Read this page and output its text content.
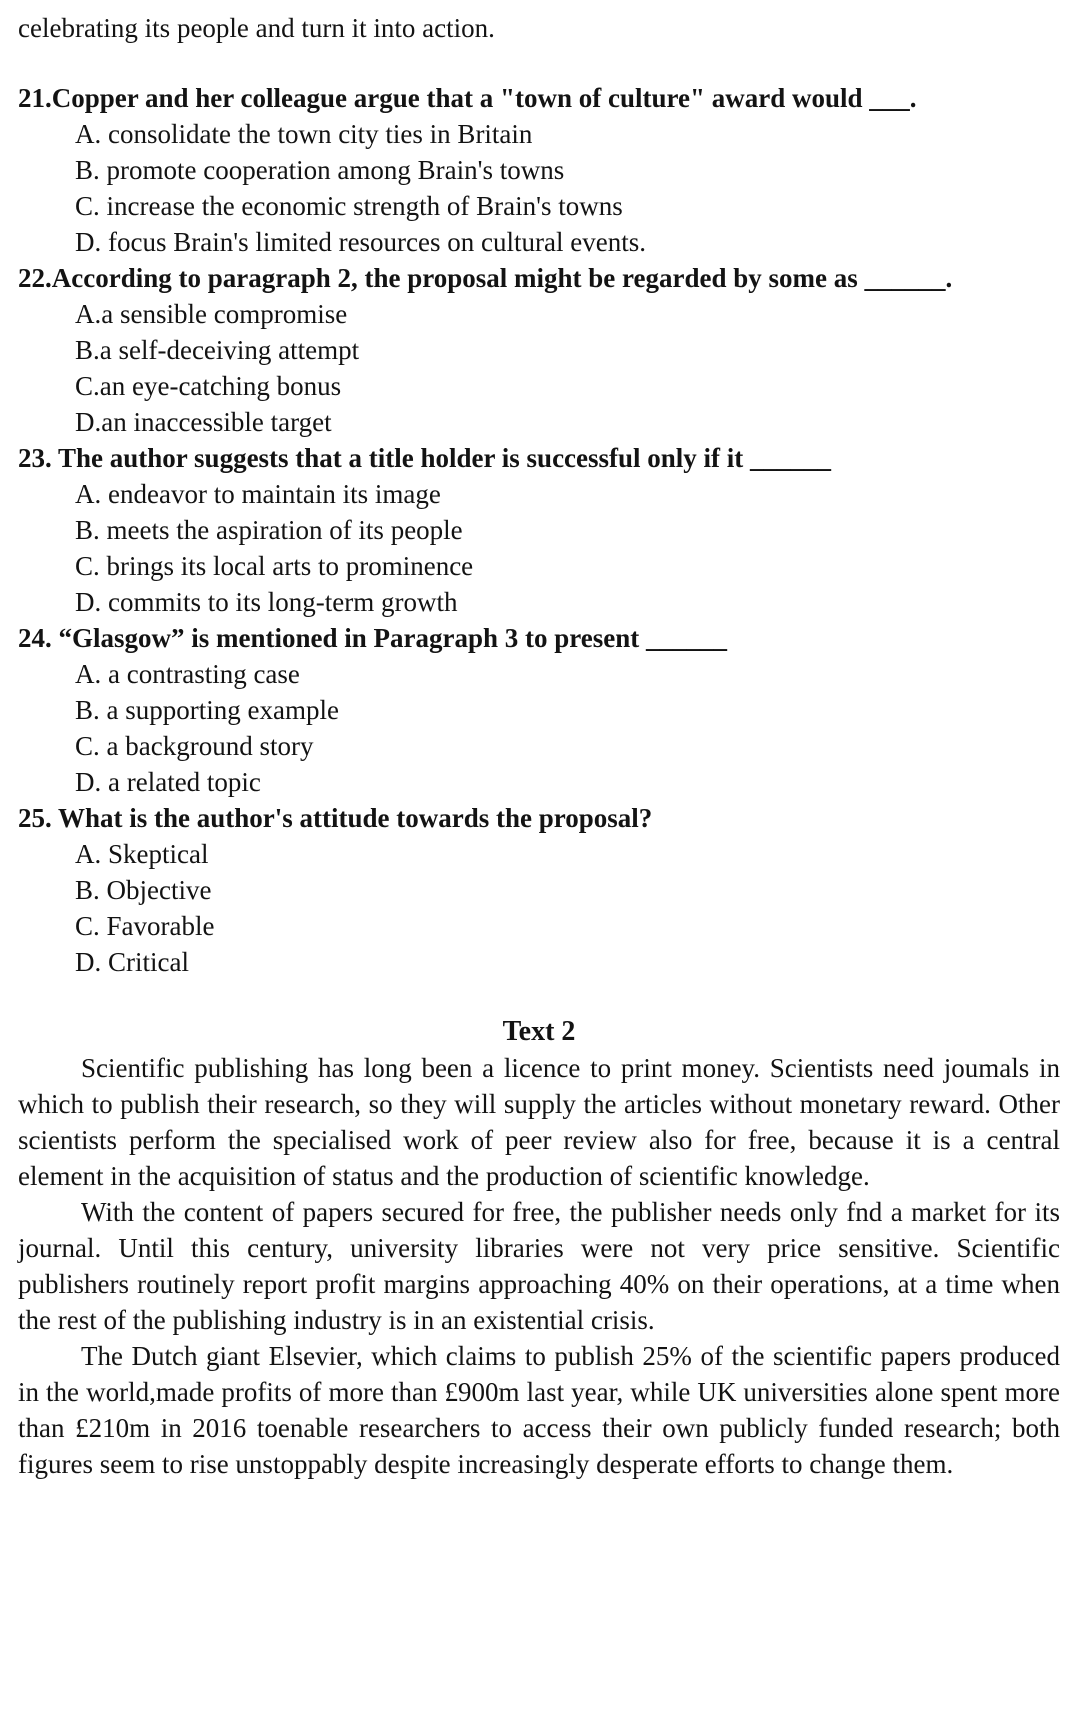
celebrating its people and turn it into action.

21.Copper and her colleague argue that a "town of culture" award would ___.

A. consolidate the town city ties in Britain

B. promote cooperation among Brain's towns

C. increase the economic strength of Brain's towns

D. focus Brain's limited resources on cultural events.

22.According to paragraph 2, the proposal might be regarded by some as ______.

A.a sensible compromise

B.a self-deceiving attempt

C.an eye-catching bonus

D.an inaccessible target

23. The author suggests that a title holder is successful only if it ______

A. endeavor to maintain its image

B. meets the aspiration of its people

C. brings its local arts to prominence

D. commits to its long-term growth

24. “Glasgow” is mentioned in Paragraph 3 to present ______

A. a contrasting case

B. a supporting example

C. a background story

D. a related topic

25. What is the author's attitude towards the proposal?

A. Skeptical

B. Objective

C. Favorable

D. Critical

Text 2

Scientific publishing has long been a licence to print money. Scientists need joumals in which to publish their research, so they will supply the articles without monetary reward. Other scientists perform the specialised work of peer review also for free, because it is a central element in the acquisition of status and the production of scientific knowledge.

With the content of papers secured for free, the publisher needs only fnd a market for its journal. Until this century, university libraries were not very price sensitive. Scientific publishers routinely report profit margins approaching 40% on their operations, at a time when the rest of the publishing industry is in an existential crisis.

The Dutch giant Elsevier, which claims to publish 25% of the scientific papers produced in the world,made profits of more than £900m last year, while UK universities alone spent more than £210m in 2016 toenable researchers to access their own publicly funded research; both figures seem to rise unstoppably despite increasingly desperate efforts to change them.
